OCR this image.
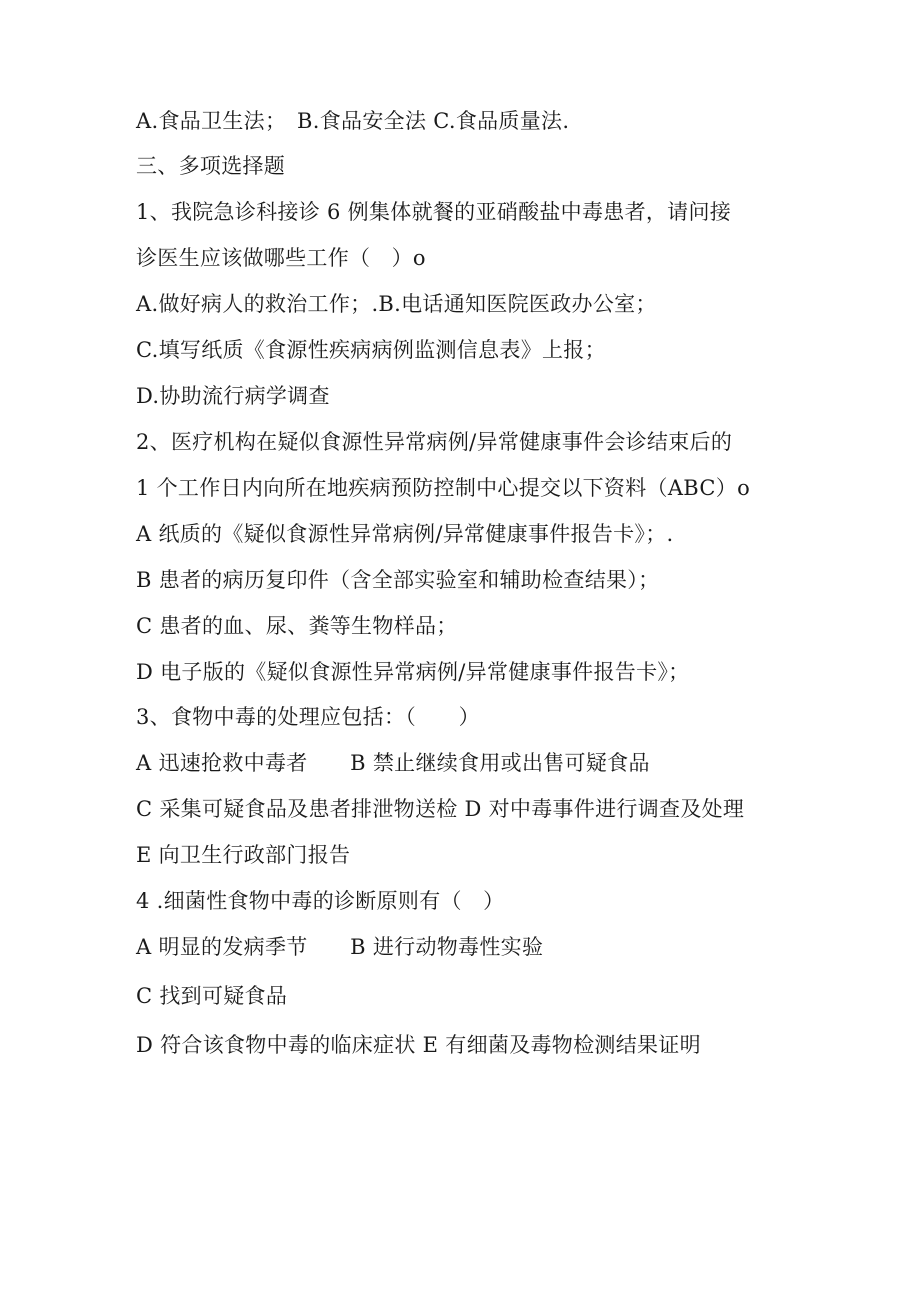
A.食品卫生法；　B.食品安全法 C.食品质量法.
三、多项选择题
1、我院急诊科接诊 6 例集体就餐的亚硝酸盐中毒患者，请问接
诊医生应该做哪些工作（　）o
A.做好病人的救治工作；.B.电话通知医院医政办公室；
C.填写纸质《食源性疾病病例监测信息表》上报；
D.协助流行病学调查
2、医疗机构在疑似食源性异常病例/异常健康事件会诊结束后的
1 个工作日内向所在地疾病预防控制中心提交以下资料（ABC）o
A 纸质的《疑似食源性异常病例/异常健康事件报告卡》；.
B 患者的病历复印件（含全部实验室和辅助检查结果）；
C 患者的血、尿、粪等生物样品；
D 电子版的《疑似食源性异常病例/异常健康事件报告卡》；
3、食物中毒的处理应包括：（　　）
A 迅速抢救中毒者　　B 禁止继续食用或出售可疑食品
C 采集可疑食品及患者排泄物送检 D 对中毒事件进行调查及处理
E 向卫生行政部门报告
4 .细菌性食物中毒的诊断原则有（　）
A 明显的发病季节　　B 进行动物毒性实验
C 找到可疑食品
D 符合该食物中毒的临床症状 E 有细菌及毒物检测结果证明
